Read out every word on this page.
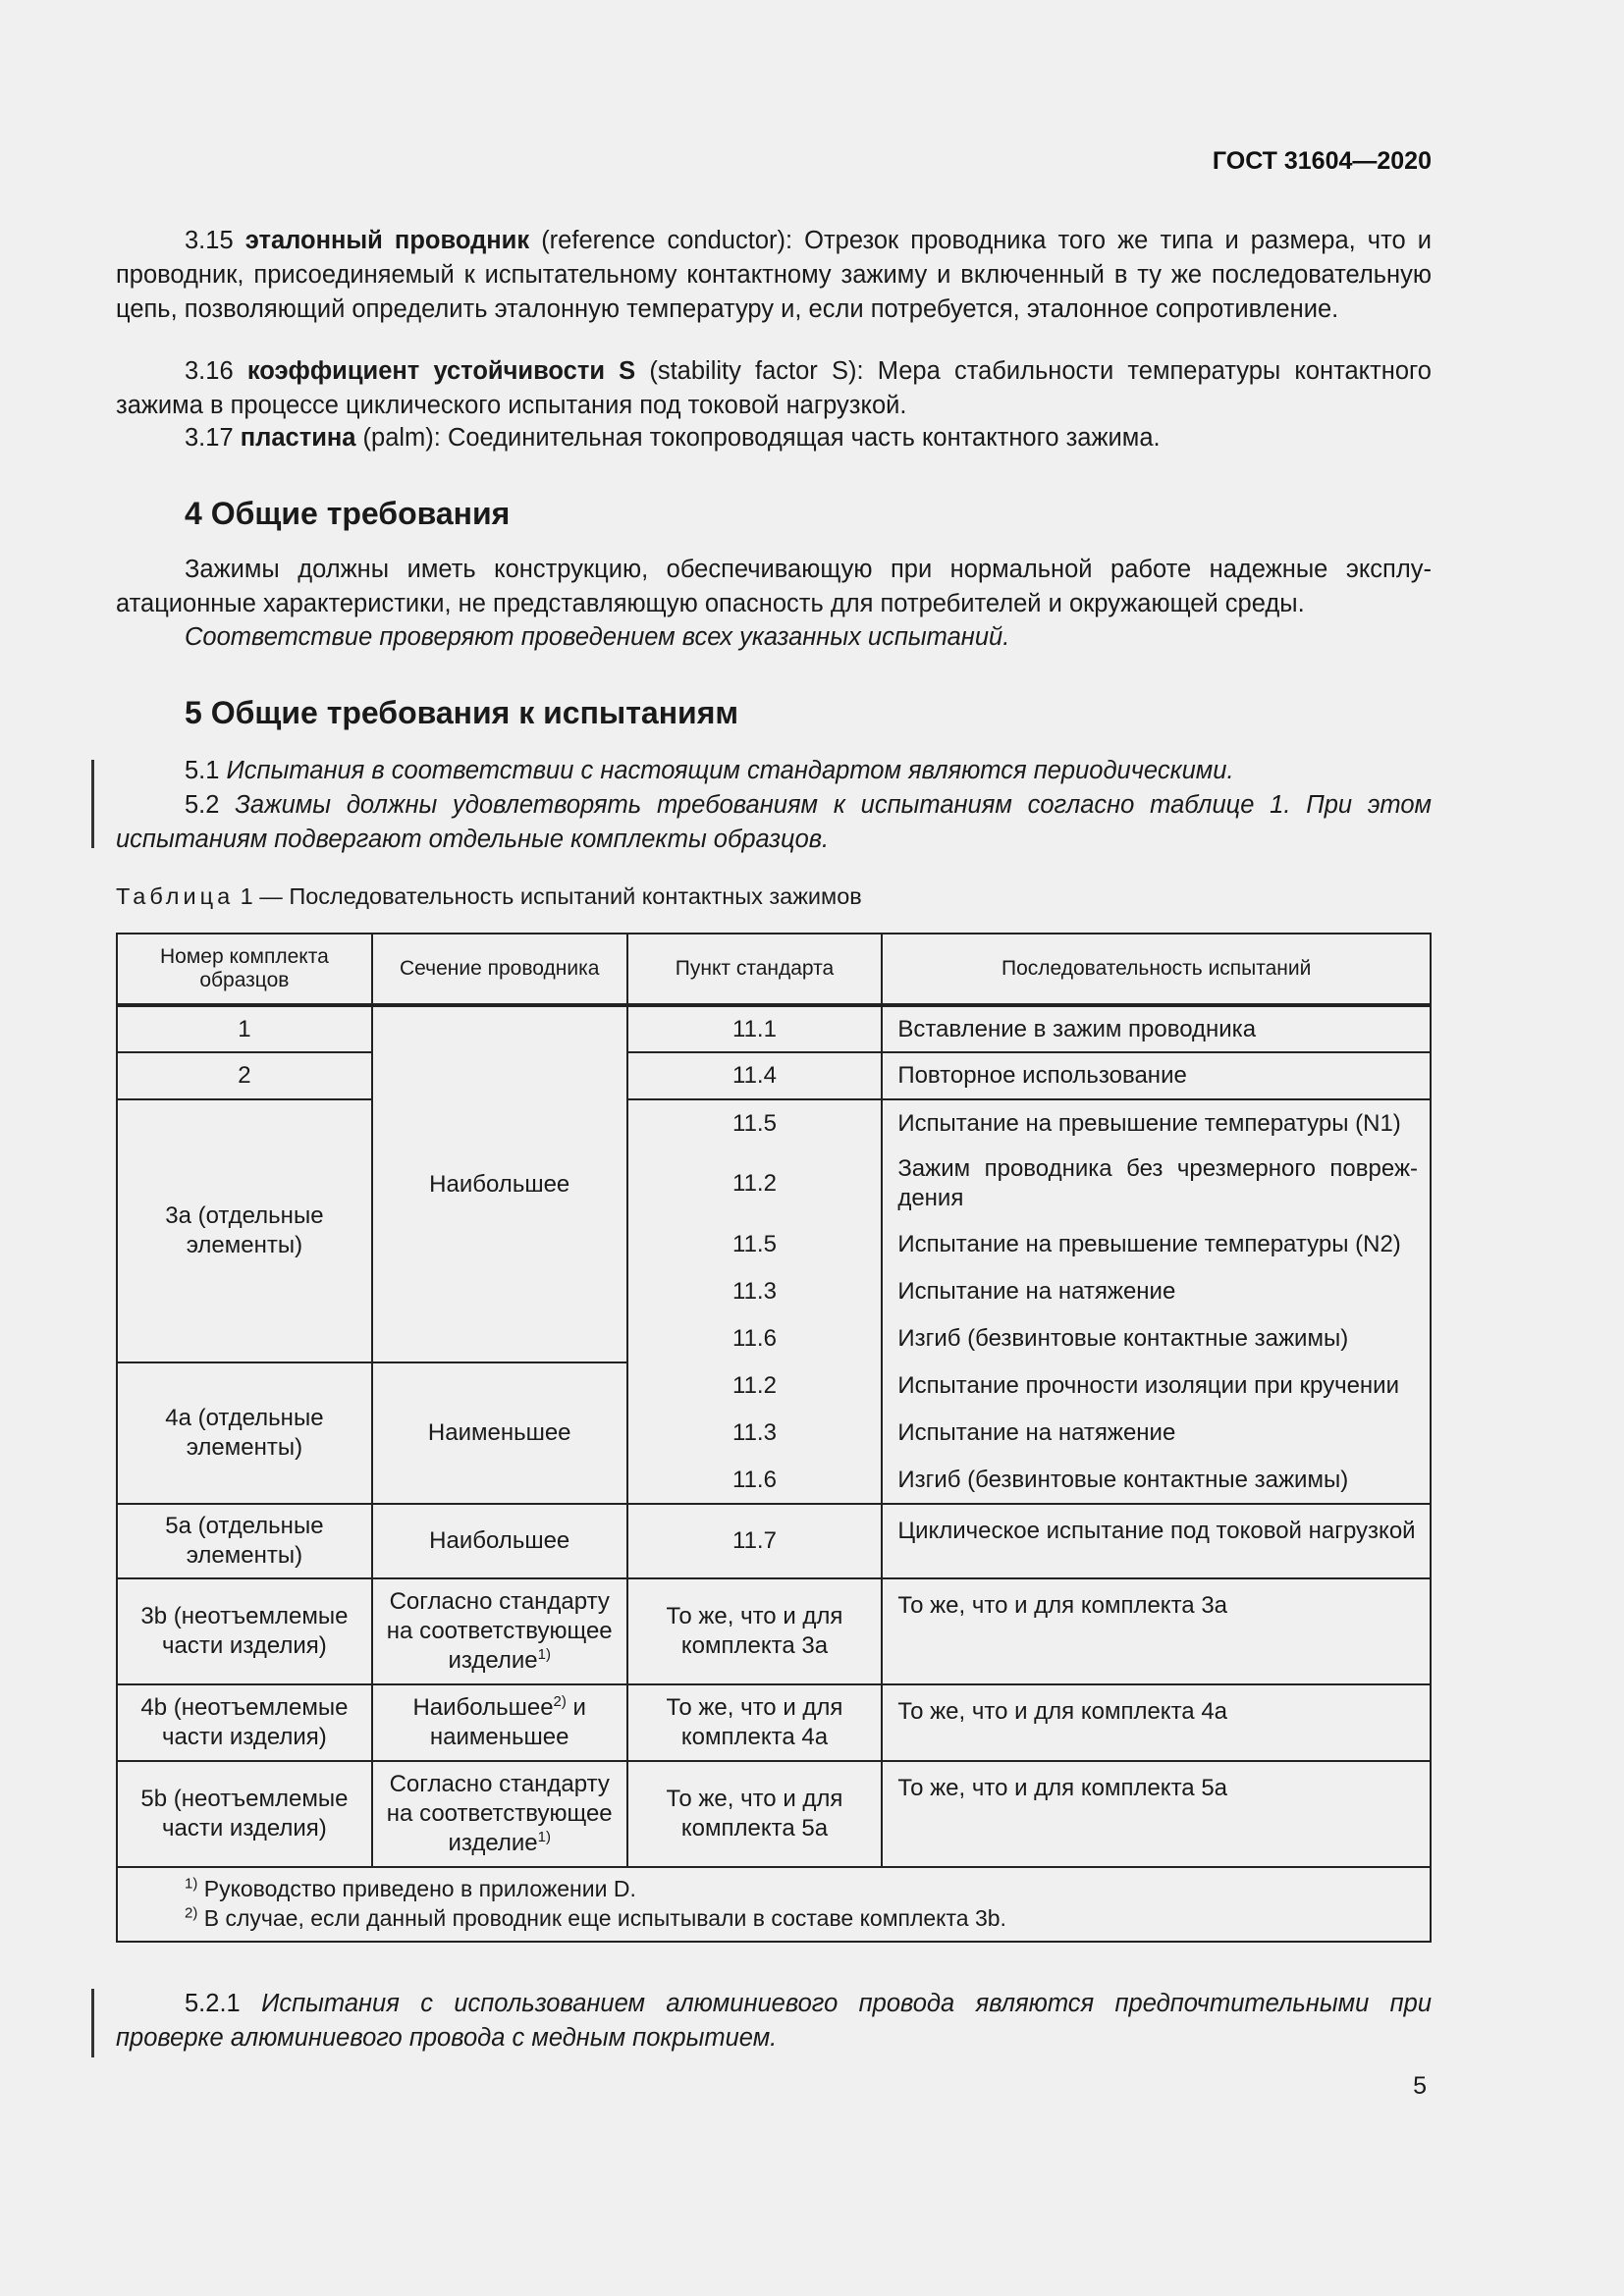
ГОСТ 31604—2020

3.15 эталонный проводник (reference conductor): Отрезок проводника того же типа и размера, что и проводник, присоединяемый к испытательному контактному зажиму и включенный в ту же последовательную цепь, позволяющий определить эталонную температуру и, если потребуется, эталонное сопротивление.

3.16 коэффициент устойчивости S (stability factor S): Мера стабильности температуры контактного зажима в процессе циклического испытания под токовой нагрузкой.

3.17 пластина (palm): Соединительная токопроводящая часть контактного зажима.

4 Общие требования

Зажимы должны иметь конструкцию, обеспечивающую при нормальной работе надежные эксплуатационные характеристики, не представляющую опасность для потребителей и окружающей среды.

Соответствие проверяют проведением всех указанных испытаний.

5 Общие требования к испытаниям

5.1 Испытания в соответствии с настоящим стандартом являются периодическими.

5.2 Зажимы должны удовлетворять требованиям к испытаниям согласно таблице 1. При этом испытаниям подвергают отдельные комплекты образцов.

Таблица 1 — Последовательность испытаний контактных зажимов
Номер комплекта образцов	Сечение проводника	Пункт стандарта	Последовательность испытаний
1	Наибольшее	11.1	Вставление в зажим проводника
2		11.4	Повторное использование
3a (отдельные элементы)		11.5	Испытание на превышение температуры (N1)
		11.2	Зажим проводника без чрезмерного повреждения
		11.5	Испытание на превышение температуры (N2)
		11.3	Испытание на натяжение
		11.6	Изгиб (безвинтовые контактные зажимы)
4a (отдельные элементы)	Наименьшее	11.2	Испытание прочности изоляции при кручении
		11.3	Испытание на натяжение
		11.6	Изгиб (безвинтовые контактные зажимы)
5a (отдельные элементы)	Наибольшее	11.7	Циклическое испытание под токовой нагрузкой
3b (неотъемлемые части изделия)	Согласно стандарту на соответствующее изделие$^{1)}$	То же, что и для комплекта 3a	То же, что и для комплекта 3a
4b (неотъемлемые части изделия)	Наибольшее$^{2)}$ и наименьшее	То же, что и для комплекта 4a	То же, что и для комплекта 4a
5b (неотъемлемые части изделия)	Согласно стандарту на соответствующее изделие$^{1)}$	То же, что и для комплекта 5a	То же, что и для комплекта 5a

$^{1)}$ Руководство приведено в приложении D.
$^{2)}$ В случае, если данный проводник еще испытывали в составе комплекта 3b.			

5.2.1 Испытания с использованием алюминиевого провода являются предпочтительными при проверке алюминиевого провода с медным покрытием.

5
